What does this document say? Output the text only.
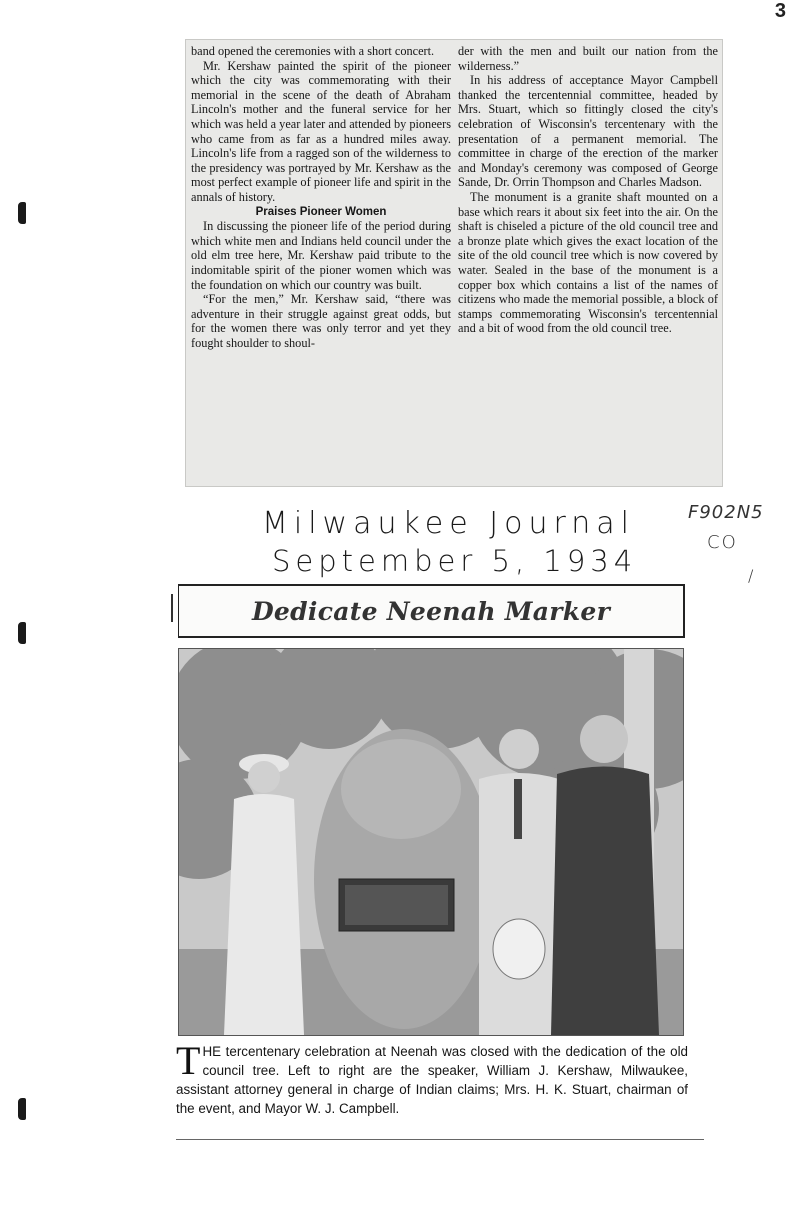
3

band opened the ceremonies with a short concert.

Mr. Kershaw painted the spirit of the pioneer which the city was commemorating with their memorial in the scene of the death of Abraham Lincoln's mother and the funeral service for her which was held a year later and attended by pioneers who came from as far as a hundred miles away. Lincoln's life from a ragged son of the wilderness to the presidency was portrayed by Mr. Kershaw as the most perfect example of pioneer life and spirit in the annals of history.

Praises Pioneer Women

In discussing the pioneer life of the period during which white men and Indians held council under the old elm tree here, Mr. Kershaw paid tribute to the indomitable spirit of the pioner women which was the foundation on which our country was built.

“For the men,” Mr. Kershaw said, “there was adventure in their struggle against great odds, but for the women there was only terror and yet they fought shoulder to shoul-

der with the men and built our nation from the wilderness.”

In his address of acceptance Mayor Campbell thanked the tercentennial committee, headed by Mrs. Stuart, which so fittingly closed the city's celebration of Wisconsin's tercentenary with the presentation of a permanent memorial. The committee in charge of the erection of the marker and Monday's ceremony was composed of George Sande, Dr. Orrin Thompson and Charles Madson.

The monument is a granite shaft mounted on a base which rears it about six feet into the air. On the shaft is chiseled a picture of the old council tree and a bronze plate which gives the exact location of the site of the old council tree which is now covered by water. Sealed in the base of the monument is a copper box which contains a list of the names of citizens who made the memorial possible, a block of stamps commemorating Wisconsin's tercentennial and a bit of wood from the old council tree.

Milwaukee Journal
September 5, 1934
F902N5
CO
/
Dedicate Neenah Marker
THE tercentenary celebration at Neenah was closed with the dedication of the old council tree. Left to right are the speaker, William J. Kershaw, Milwaukee, assistant attorney general in charge of Indian claims; Mrs. H. K. Stuart, chairman of the event, and Mayor W. J. Campbell.
